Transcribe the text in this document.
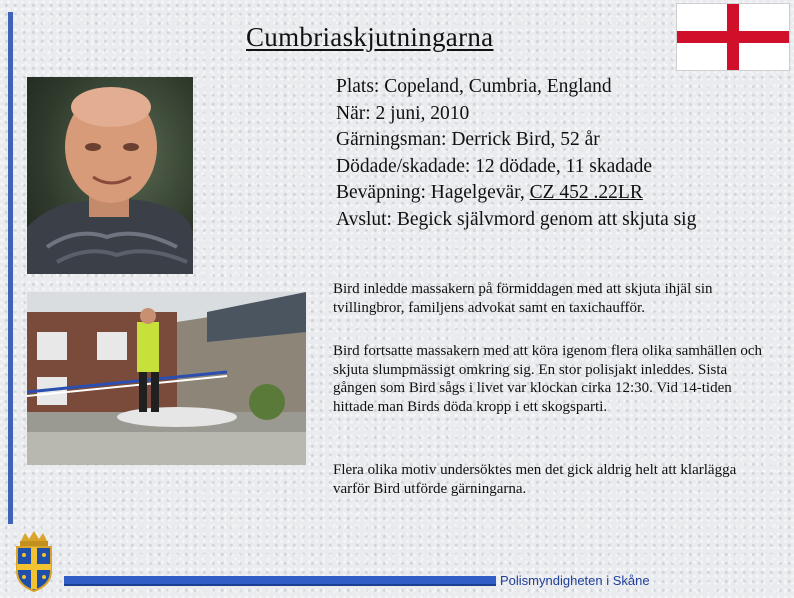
Cumbriaskjutningarna
Plats: Copeland, Cumbria, England
När: 2 juni, 2010
Gärningsman: Derrick Bird, 52 år
Dödade/skadade: 12 dödade, 11 skadade
Beväpning: Hagelgevär, CZ 452 .22LR
Avslut: Begick självmord genom att skjuta sig
Bird inledde massakern på förmiddagen med att skjuta ihjäl sin tvillingbror, familjens advokat samt en taxichaufför.
Bird fortsatte massakern med att köra igenom flera olika samhällen och skjuta slumpmässigt omkring sig. En stor polisjakt inleddes. Sista gången som Bird sågs i livet var klockan cirka 12:30. Vid 14-tiden hittade man Birds döda kropp i ett skogsparti.
Flera olika motiv undersöktes men det gick aldrig helt att klarlägga varför Bird utförde gärningarna.
Polismyndigheten i Skåne
